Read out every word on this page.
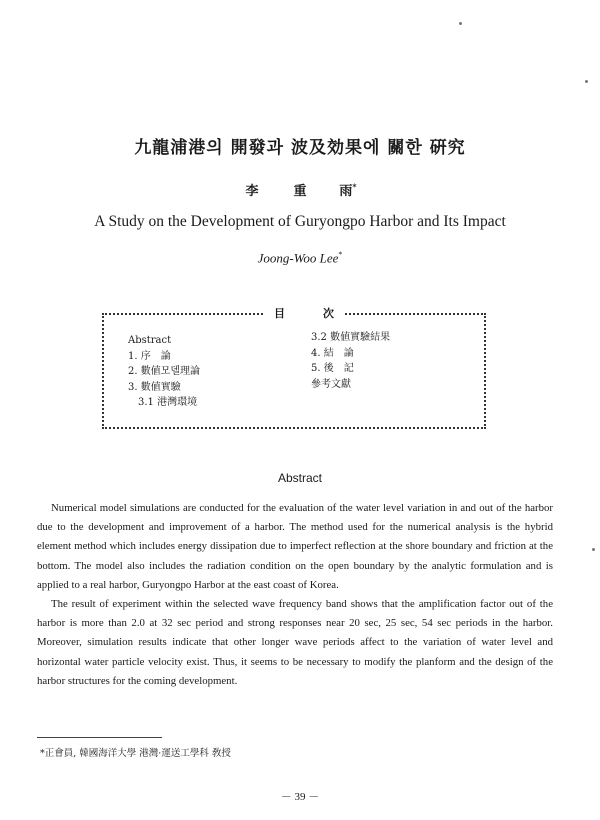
九龍浦港의 開發과 波及効果에 關한 硏究
李	重	雨*
A Study on the Development of Guryongpo Harbor and Its Impact
Joong-Woo Lee*
目	次
Abstract
1. 序　論
2. 數値모델理論
3. 數値實驗
3.1 港灣環境
3.2 數値實驗結果
4. 結　論
5. 後　記
參考文獻
Abstract

Numerical model simulations are conducted for the evaluation of the water level variation in and out of the harbor due to the development and improvement of a harbor. The method used for the numerical analysis is the hybrid element method which includes energy dissipation due to imperfect reflection at the shore boundary and friction at the bottom. The model also includes the radiation condition on the open boundary by the analytic formulation and is applied to a real harbor, Guryongpo Harbor at the east coast of Korea.

The result of experiment within the selected wave frequency band shows that the amplification factor out of the harbor is more than 2.0 at 32 sec period and strong responses near 20 sec, 25 sec, 54 sec periods in the harbor. Moreover, simulation results indicate that other longer wave periods affect to the variation of water level and horizontal water particle velocity exist. Thus, it seems to be necessary to modify the planform and the design of the harbor structures for the coming development.

*正會員, 韓國海洋大學 港灣·運送工學科 敎授
－ 39 －
